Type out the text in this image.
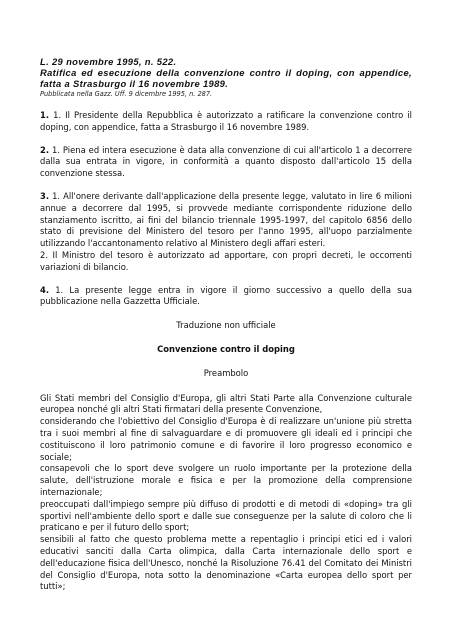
L. 29 novembre 1995, n. 522.
Ratifica ed esecuzione della convenzione contro il doping, con appendice, fatta a Strasburgo il 16 novembre 1989.
Pubblicata nella Gazz. Uff. 9 dicembre 1995, n. 287.

1. 1. Il Presidente della Repubblica è autorizzato a ratificare la convenzione contro il doping, con appendice, fatta a Strasburgo il 16 novembre 1989.

2. 1. Piena ed intera esecuzione è data alla convenzione di cui all'articolo 1 a decorrere dalla sua entrata in vigore, in conformità a quanto disposto dall'articolo 15 della convenzione stessa.

3. 1. All'onere derivante dall'applicazione della presente legge, valutato in lire 6 milioni annue a decorrere dal 1995, si provvede mediante corrispondente riduzione dello stanziamento iscritto, ai fini del bilancio triennale 1995-1997, del capitolo 6856 dello stato di previsione del Ministero del tesoro per l'anno 1995, all'uopo parzialmente utilizzando l'accantonamento relativo al Ministero degli affari esteri.

2. Il Ministro del tesoro è autorizzato ad apportare, con propri decreti, le occorrenti variazioni di bilancio.

4. 1. La presente legge entra in vigore il giorno successivo a quello della sua pubblicazione nella Gazzetta Ufficiale.

Traduzione non ufficiale
Convenzione contro il doping
Preambolo

Gli Stati membri del Consiglio d'Europa, gli altri Stati Parte alla Convenzione culturale europea nonché gli altri Stati firmatari della presente Convenzione,

considerando che l'obiettivo del Consiglio d'Europa è di realizzare un'unione più stretta tra i suoi membri al fine di salvaguardare e di promuovere gli ideali ed i principi che costituiscono il loro patrimonio comune e di favorire il loro progresso economico e sociale;

consapevoli che lo sport deve svolgere un ruolo importante per la protezione della salute, dell'istruzione morale e fisica e per la promozione della comprensione internazionale;

preoccupati dall'impiego sempre più diffuso di prodotti e di metodi di «doping» tra gli sportivi nell'ambiente dello sport e dalle sue conseguenze per la salute di coloro che li praticano e per il futuro dello sport;

sensibili al fatto che questo problema mette a repentaglio i principi etici ed i valori educativi sanciti dalla Carta olimpica, dalla Carta internazionale dello sport e dell'educazione fisica dell'Unesco, nonché la Risoluzione 76.41 del Comitato dei Ministri del Consiglio d'Europa, nota sotto la denominazione «Carta europea dello sport per tutti»;
